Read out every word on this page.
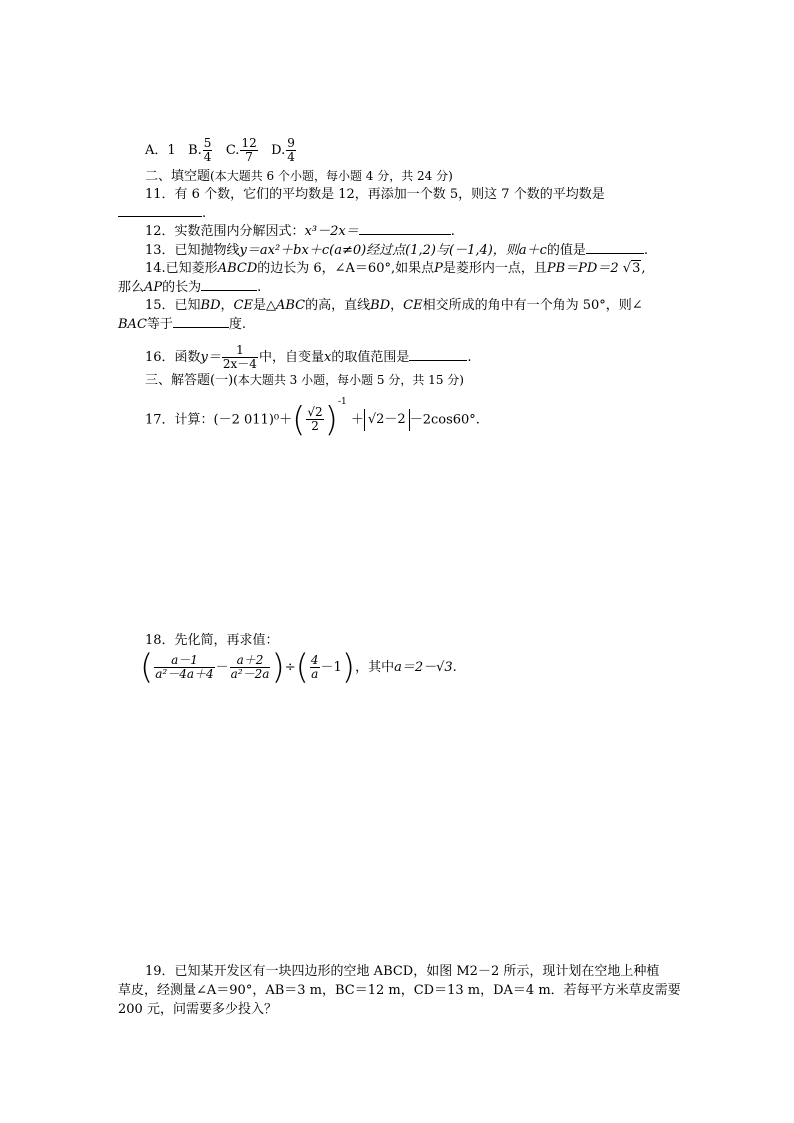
A．1 B. $\frac{5}{4} C$. $\frac{12}{7} D$. $\frac{9}{4}$
二、填空题(本大题共 6 个小题，每小题 4 分，共 24 分)
11．有 6 个数，它们的平均数是 12，再添加一个数 5，则这 7 个数的平均数是
.
12．实数范围内分解因式：x³－2x＝	.
13．已知抛物线y＝ax²＋bx＋c(a≠0)经过点(1,2)与(－1,4)，则a＋c的值是	.
14.已知菱形ABCD的边长为 6，∠A＝60°,如果点P是菱形内一点，且PB＝PD＝2 √3,
那么AP的长为	.
15．已知BD，CE是△ABC的高，直线BD，CE相交所成的角中有一个角为 50°，则∠
BAC等于	度.
16．函数$y= \frac{1}{2x-4}$ 中，自变量x的取值范围是	.
三、解答题(一)(本大题共 3 小题，每小题 5 分，共 15 分)
17．计算：(－2 $011)^0+( \frac{√2}{2} )^{-1} + √2-2 -2\cos 60^\circ$.
18．先化简，再求值：
( $\frac{a-1}{\text{a²－4a＋4}} - \frac{a+2}{\text{a²－2a}}$ )÷( $\frac{4}{a} -1$)，其中a＝2－√3.
19．已知某开发区有一块四边形的空地 ABCD，如图 M2－2 所示，现计划在空地上种植
草皮，经测量∠A＝90°，AB＝3 m，BC＝12 m，CD＝13 m，DA＝4 m．若每平方米草皮需要
200 元，问需要多少投入？
